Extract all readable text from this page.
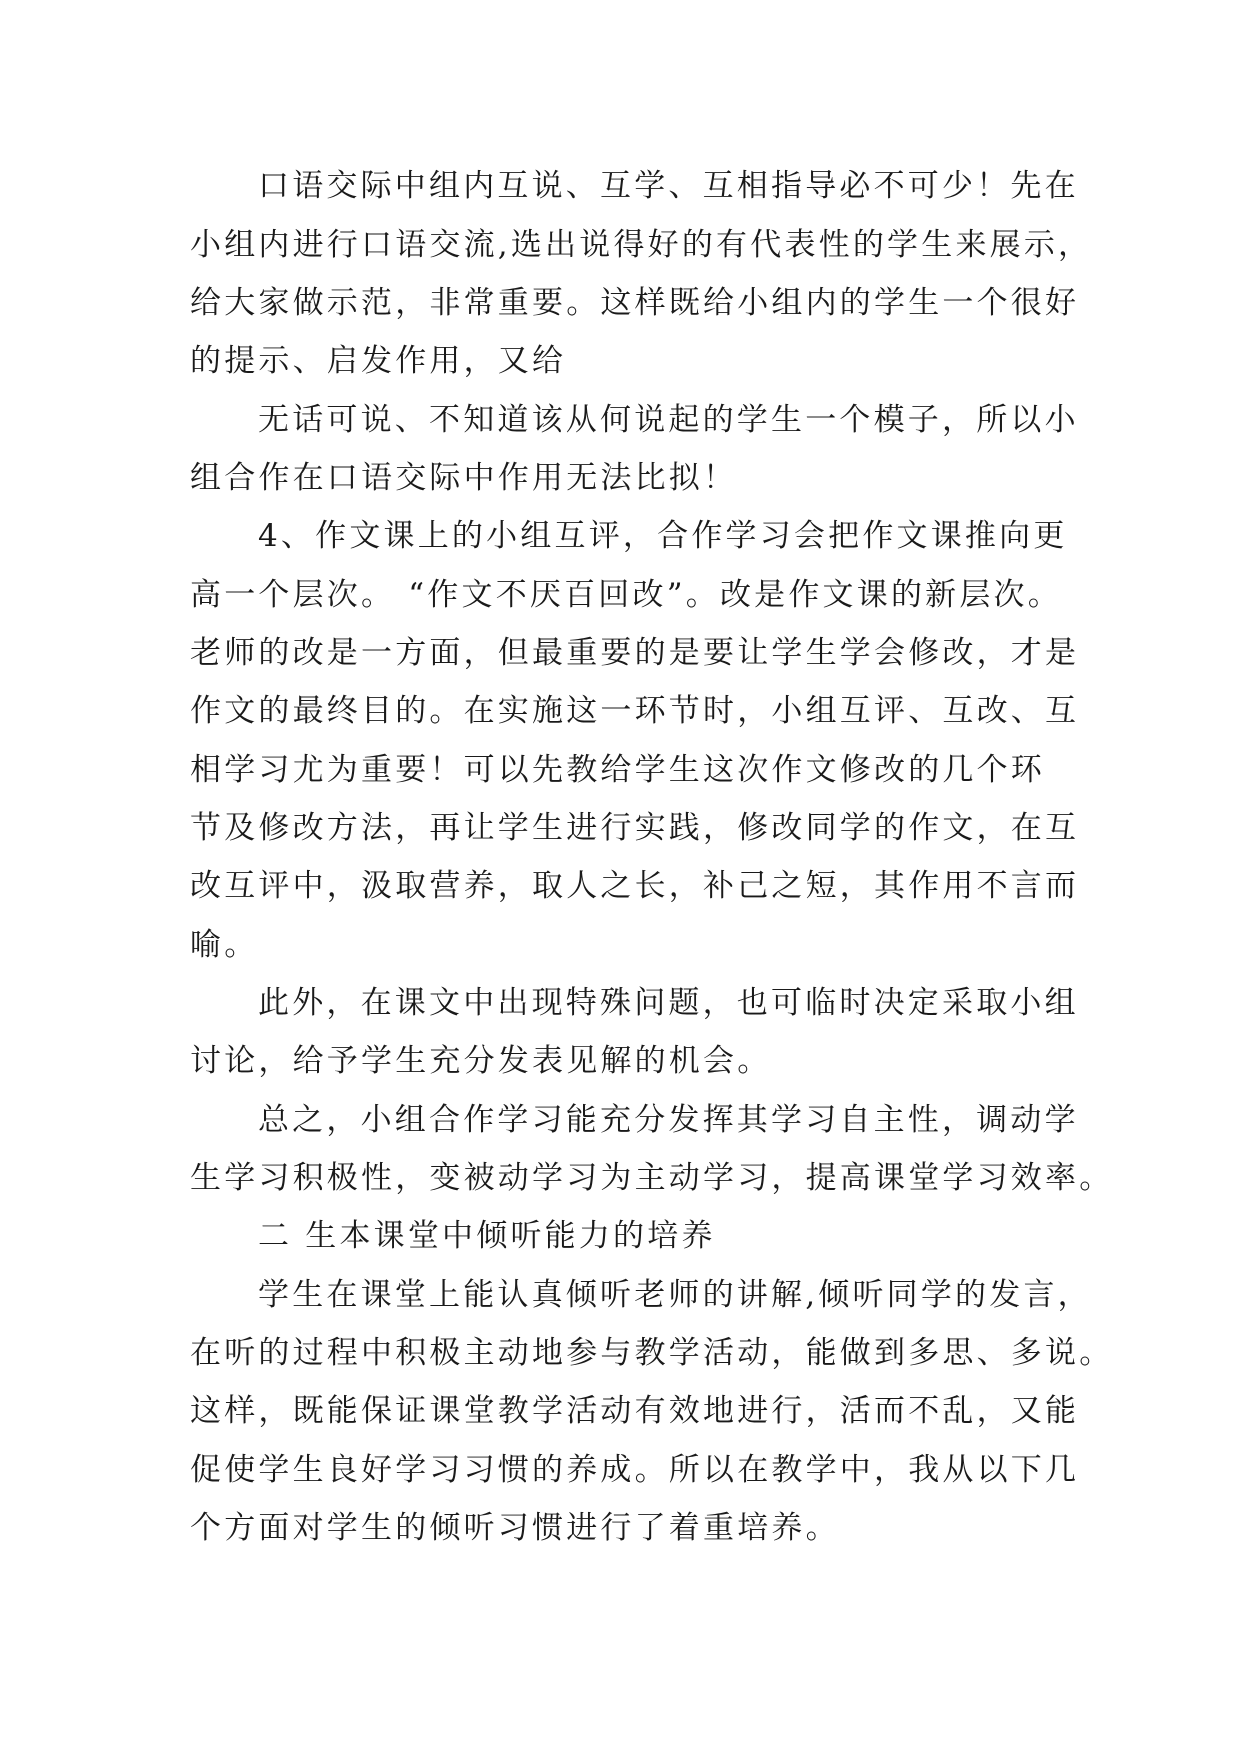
口语交际中组内互说、互学、互相指导必不可少！先在
小组内进行口语交流,选出说得好的有代表性的学生来展示，
给大家做示范，非常重要。这样既给小组内的学生一个很好
的提示、启发作用，又给
无话可说、不知道该从何说起的学生一个模子，所以小
组合作在口语交际中作用无法比拟！
4、作文课上的小组互评，合作学习会把作文课推向更
高一个层次。 “作文不厌百回改”。改是作文课的新层次。
老师的改是一方面，但最重要的是要让学生学会修改，才是
作文的最终目的。在实施这一环节时，小组互评、互改、互
相学习尤为重要！可以先教给学生这次作文修改的几个环
节及修改方法，再让学生进行实践，修改同学的作文，在互
改互评中，汲取营养，取人之长，补己之短，其作用不言而
喻。
此外，在课文中出现特殊问题，也可临时决定采取小组
讨论，给予学生充分发表见解的机会。
总之，小组合作学习能充分发挥其学习自主性，调动学
生学习积极性，变被动学习为主动学习，提高课堂学习效率。
二 生本课堂中倾听能力的培养
学生在课堂上能认真倾听老师的讲解,倾听同学的发言，
在听的过程中积极主动地参与教学活动，能做到多思、多说。
这样，既能保证课堂教学活动有效地进行，活而不乱，又能
促使学生良好学习习惯的养成。所以在教学中，我从以下几
个方面对学生的倾听习惯进行了着重培养。
